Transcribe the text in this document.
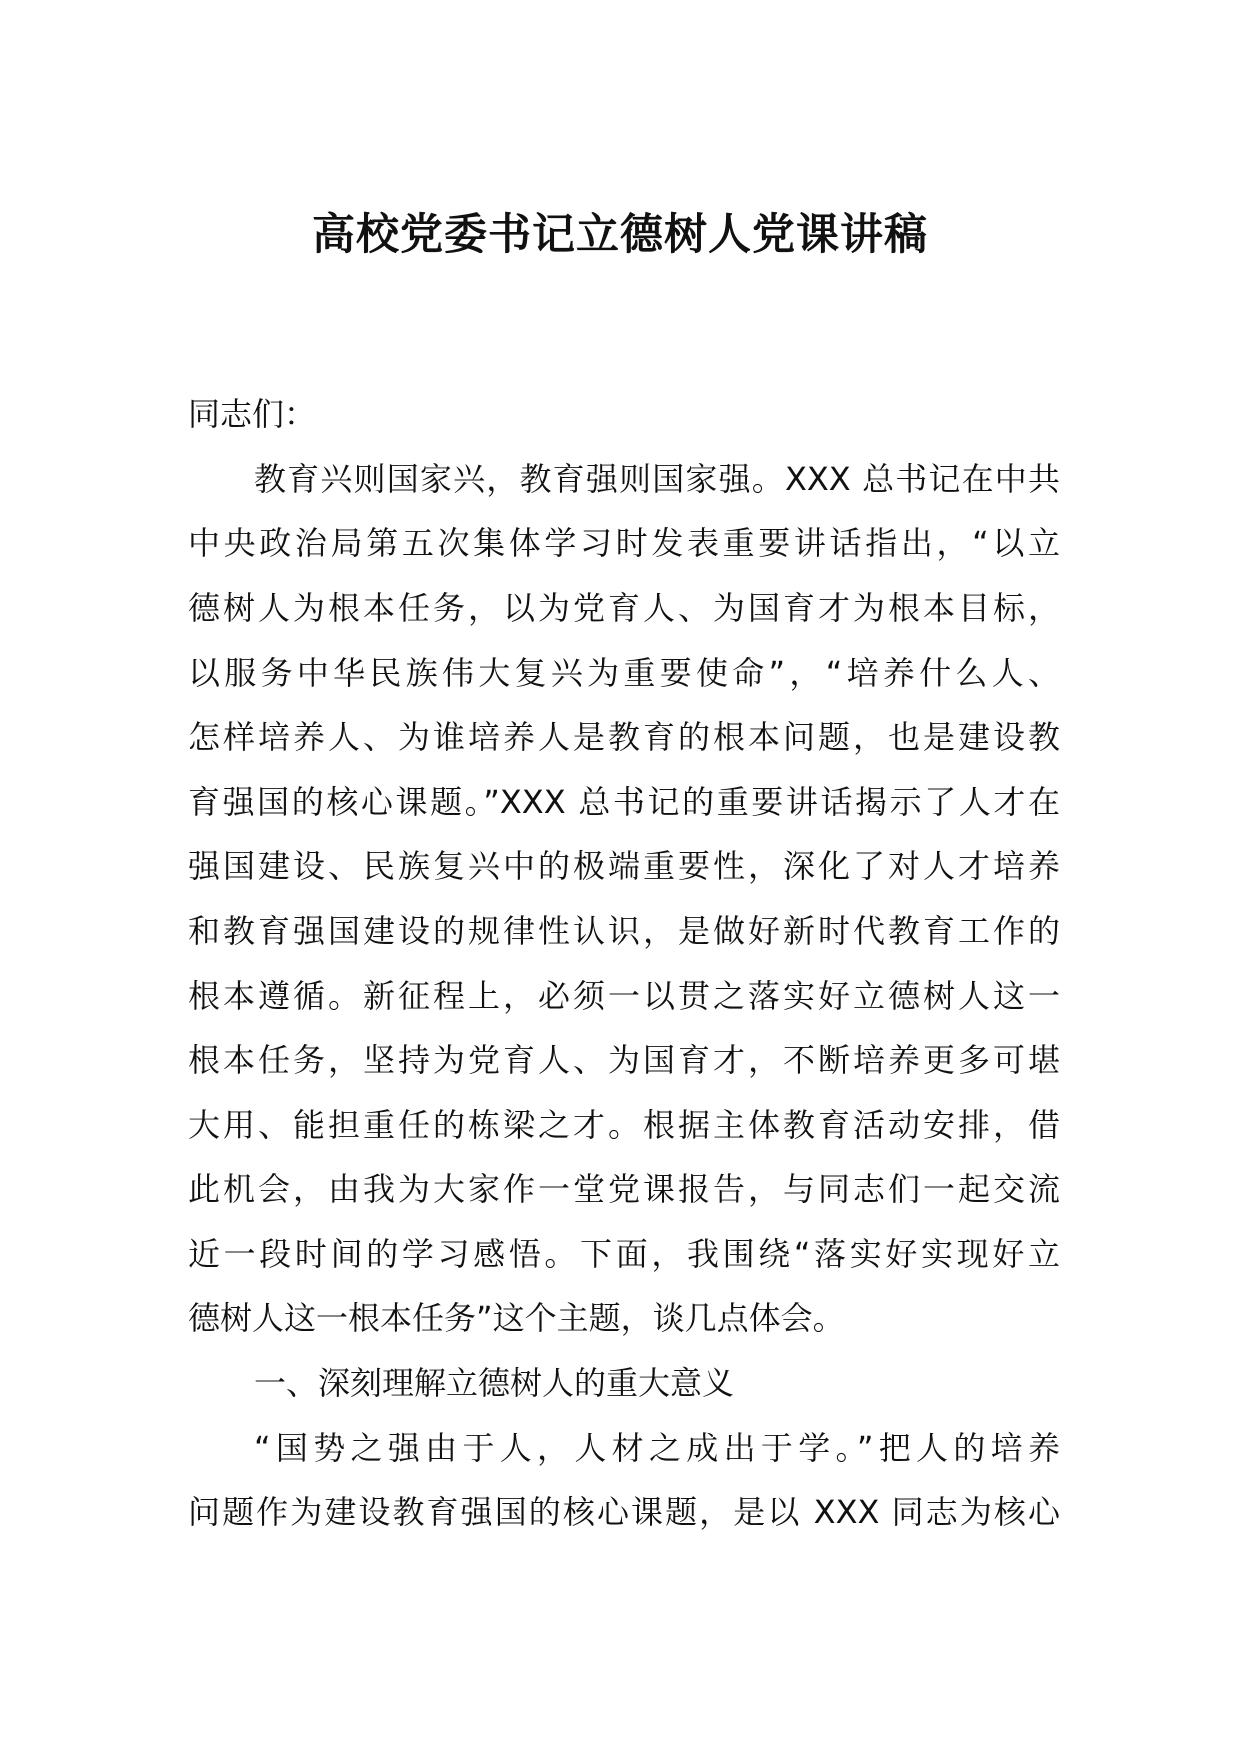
高校党委书记立德树人党课讲稿
同志们：
教育兴则国家兴，教育强则国家强。XXX 总书记在中共
中央政治局第五次集体学习时发表重要讲话指出，“以立
德树人为根本任务，以为党育人、为国育才为根本目标，
以服务中华民族伟大复兴为重要使命”，“培养什么人、
怎样培养人、为谁培养人是教育的根本问题，也是建设教
育强国的核心课题。”XXX 总书记的重要讲话揭示了人才在
强国建设、民族复兴中的极端重要性，深化了对人才培养
和教育强国建设的规律性认识，是做好新时代教育工作的
根本遵循。新征程上，必须一以贯之落实好立德树人这一
根本任务，坚持为党育人、为国育才，不断培养更多可堪
大用、能担重任的栋梁之才。根据主体教育活动安排，借
此机会，由我为大家作一堂党课报告，与同志们一起交流
近一段时间的学习感悟。下面，我围绕“落实好实现好立
德树人这一根本任务”这个主题，谈几点体会。
一、深刻理解立德树人的重大意义
“国势之强由于人，人材之成出于学。”把人的培养
问题作为建设教育强国的核心课题，是以 XXX 同志为核心
